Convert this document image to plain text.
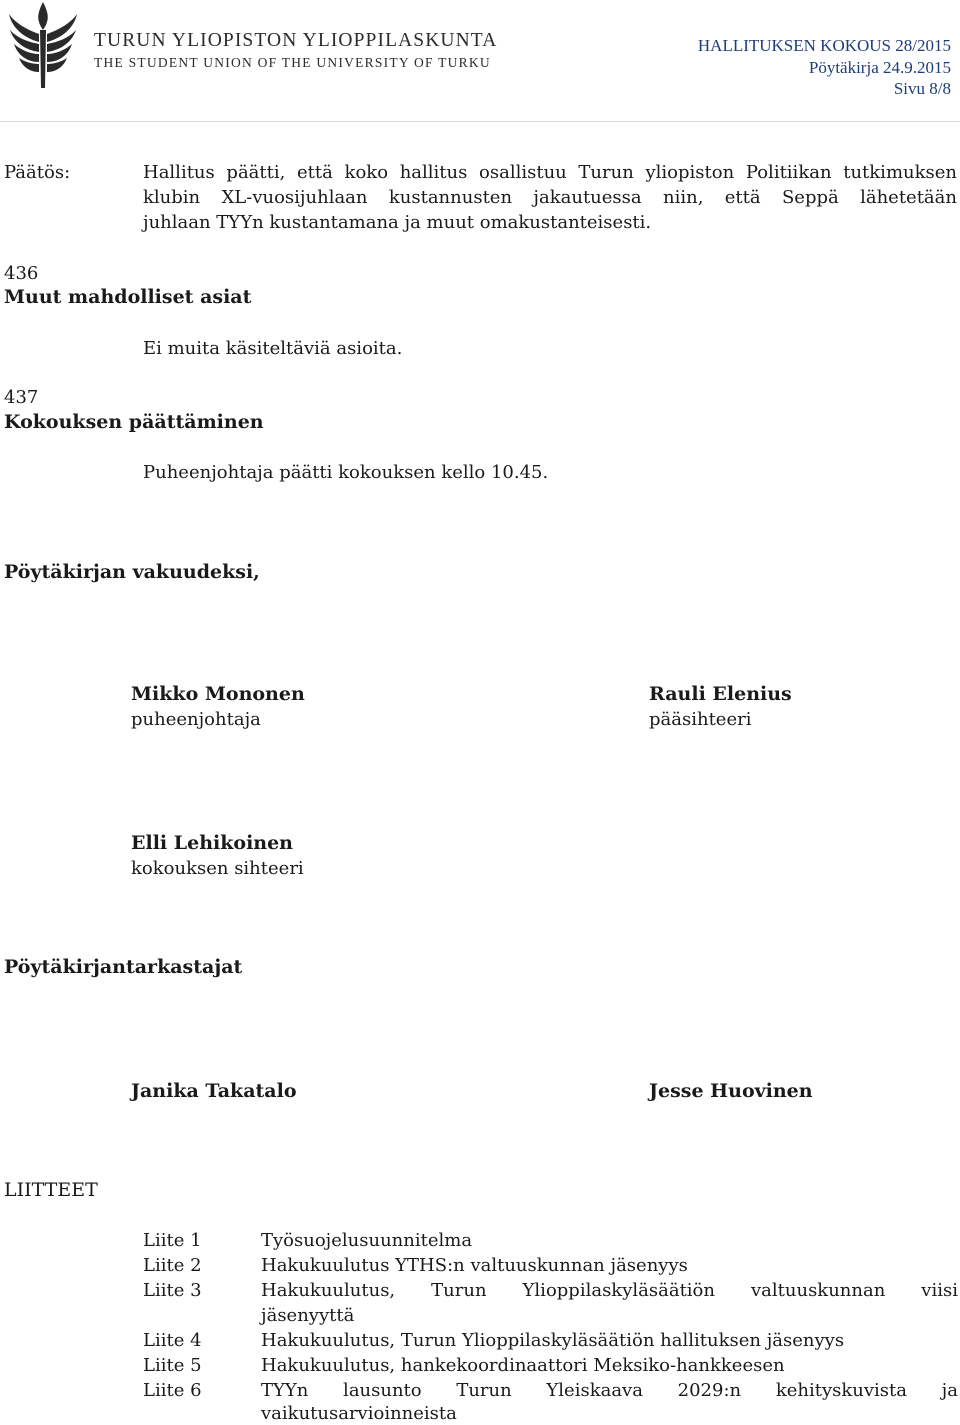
TURUN YLIOPISTON YLIOPPILASKUNTA
THE STUDENT UNION OF THE UNIVERSITY OF TURKU
HALLITUKSEN KOKOUS 28/2015
Pöytäkirja 24.9.2015
Sivu 8/8
Päätös:	Hallitus päätti, että koko hallitus osallistuu Turun yliopiston Politiikan tutkimuksen
klubin XL-vuosijuhlaan kustannusten jakautuessa niin, että Seppä lähetetään
juhlaan TYYn kustantamana ja muut omakustanteisesti.
436
Muut mahdolliset asiat
Ei muita käsiteltäviä asioita.
437
Kokouksen päättäminen
Puheenjohtaja päätti kokouksen kello 10.45.
Pöytäkirjan vakuudeksi,
Mikko Mononen
puheenjohtaja
Rauli Elenius
pääsihteeri
Elli Lehikoinen
kokouksen sihteeri
Pöytäkirjantarkastajat
Janika Takatalo	Jesse Huovinen
LIITTEET
Liite 1	Työsuojelusuunnitelma
Liite 2	Hakukuulutus YTHS:n valtuuskunnan jäsenyys
Liite 3	Hakukuulutus, Turun Ylioppilaskyläsäätiön valtuuskunnan viisi
jäsenyyttä
Liite 4	Hakukuulutus, Turun Ylioppilaskyläsäätiön hallituksen jäsenyys
Liite 5	Hakukuulutus, hankekoordinaattori Meksiko-hankkeesen
Liite 6	TYYn lausunto Turun Yleiskaava 2029:n kehityskuvista ja
vaikutusarvioinneista
